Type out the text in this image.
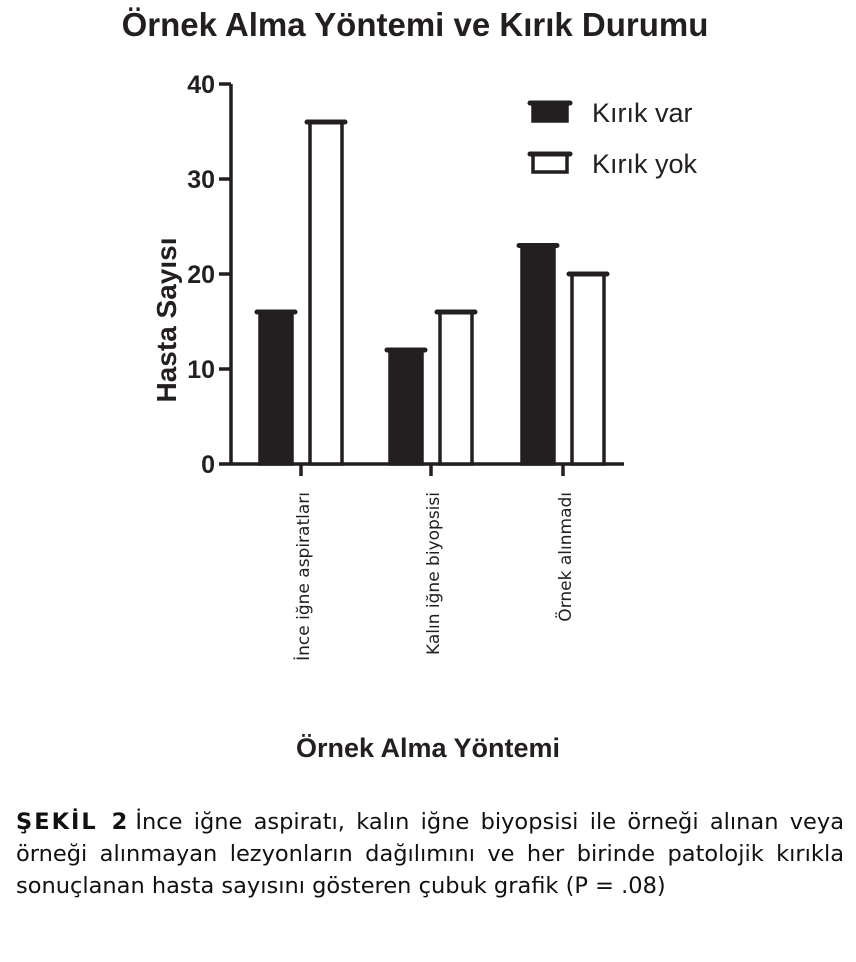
Örnek Alma Yöntemi ve Kırık Durumu
Hasta Sayısı
0
10
20
30
40
İnce iğne aspiratları	Kalın iğne biyopsisi	Örnek alınmadı
Kırık var
Kırık yok
Örnek Alma Yöntemi
ŞEKİL 2 İnce iğne aspiratı, kalın iğne biyopsisi ile örneği alınan veya örneği alınmayan lezyonların dağılımını ve her birinde patolojik kırıkla sonuçlanan hasta sayısını gösteren çubuk grafik (P = .08)
